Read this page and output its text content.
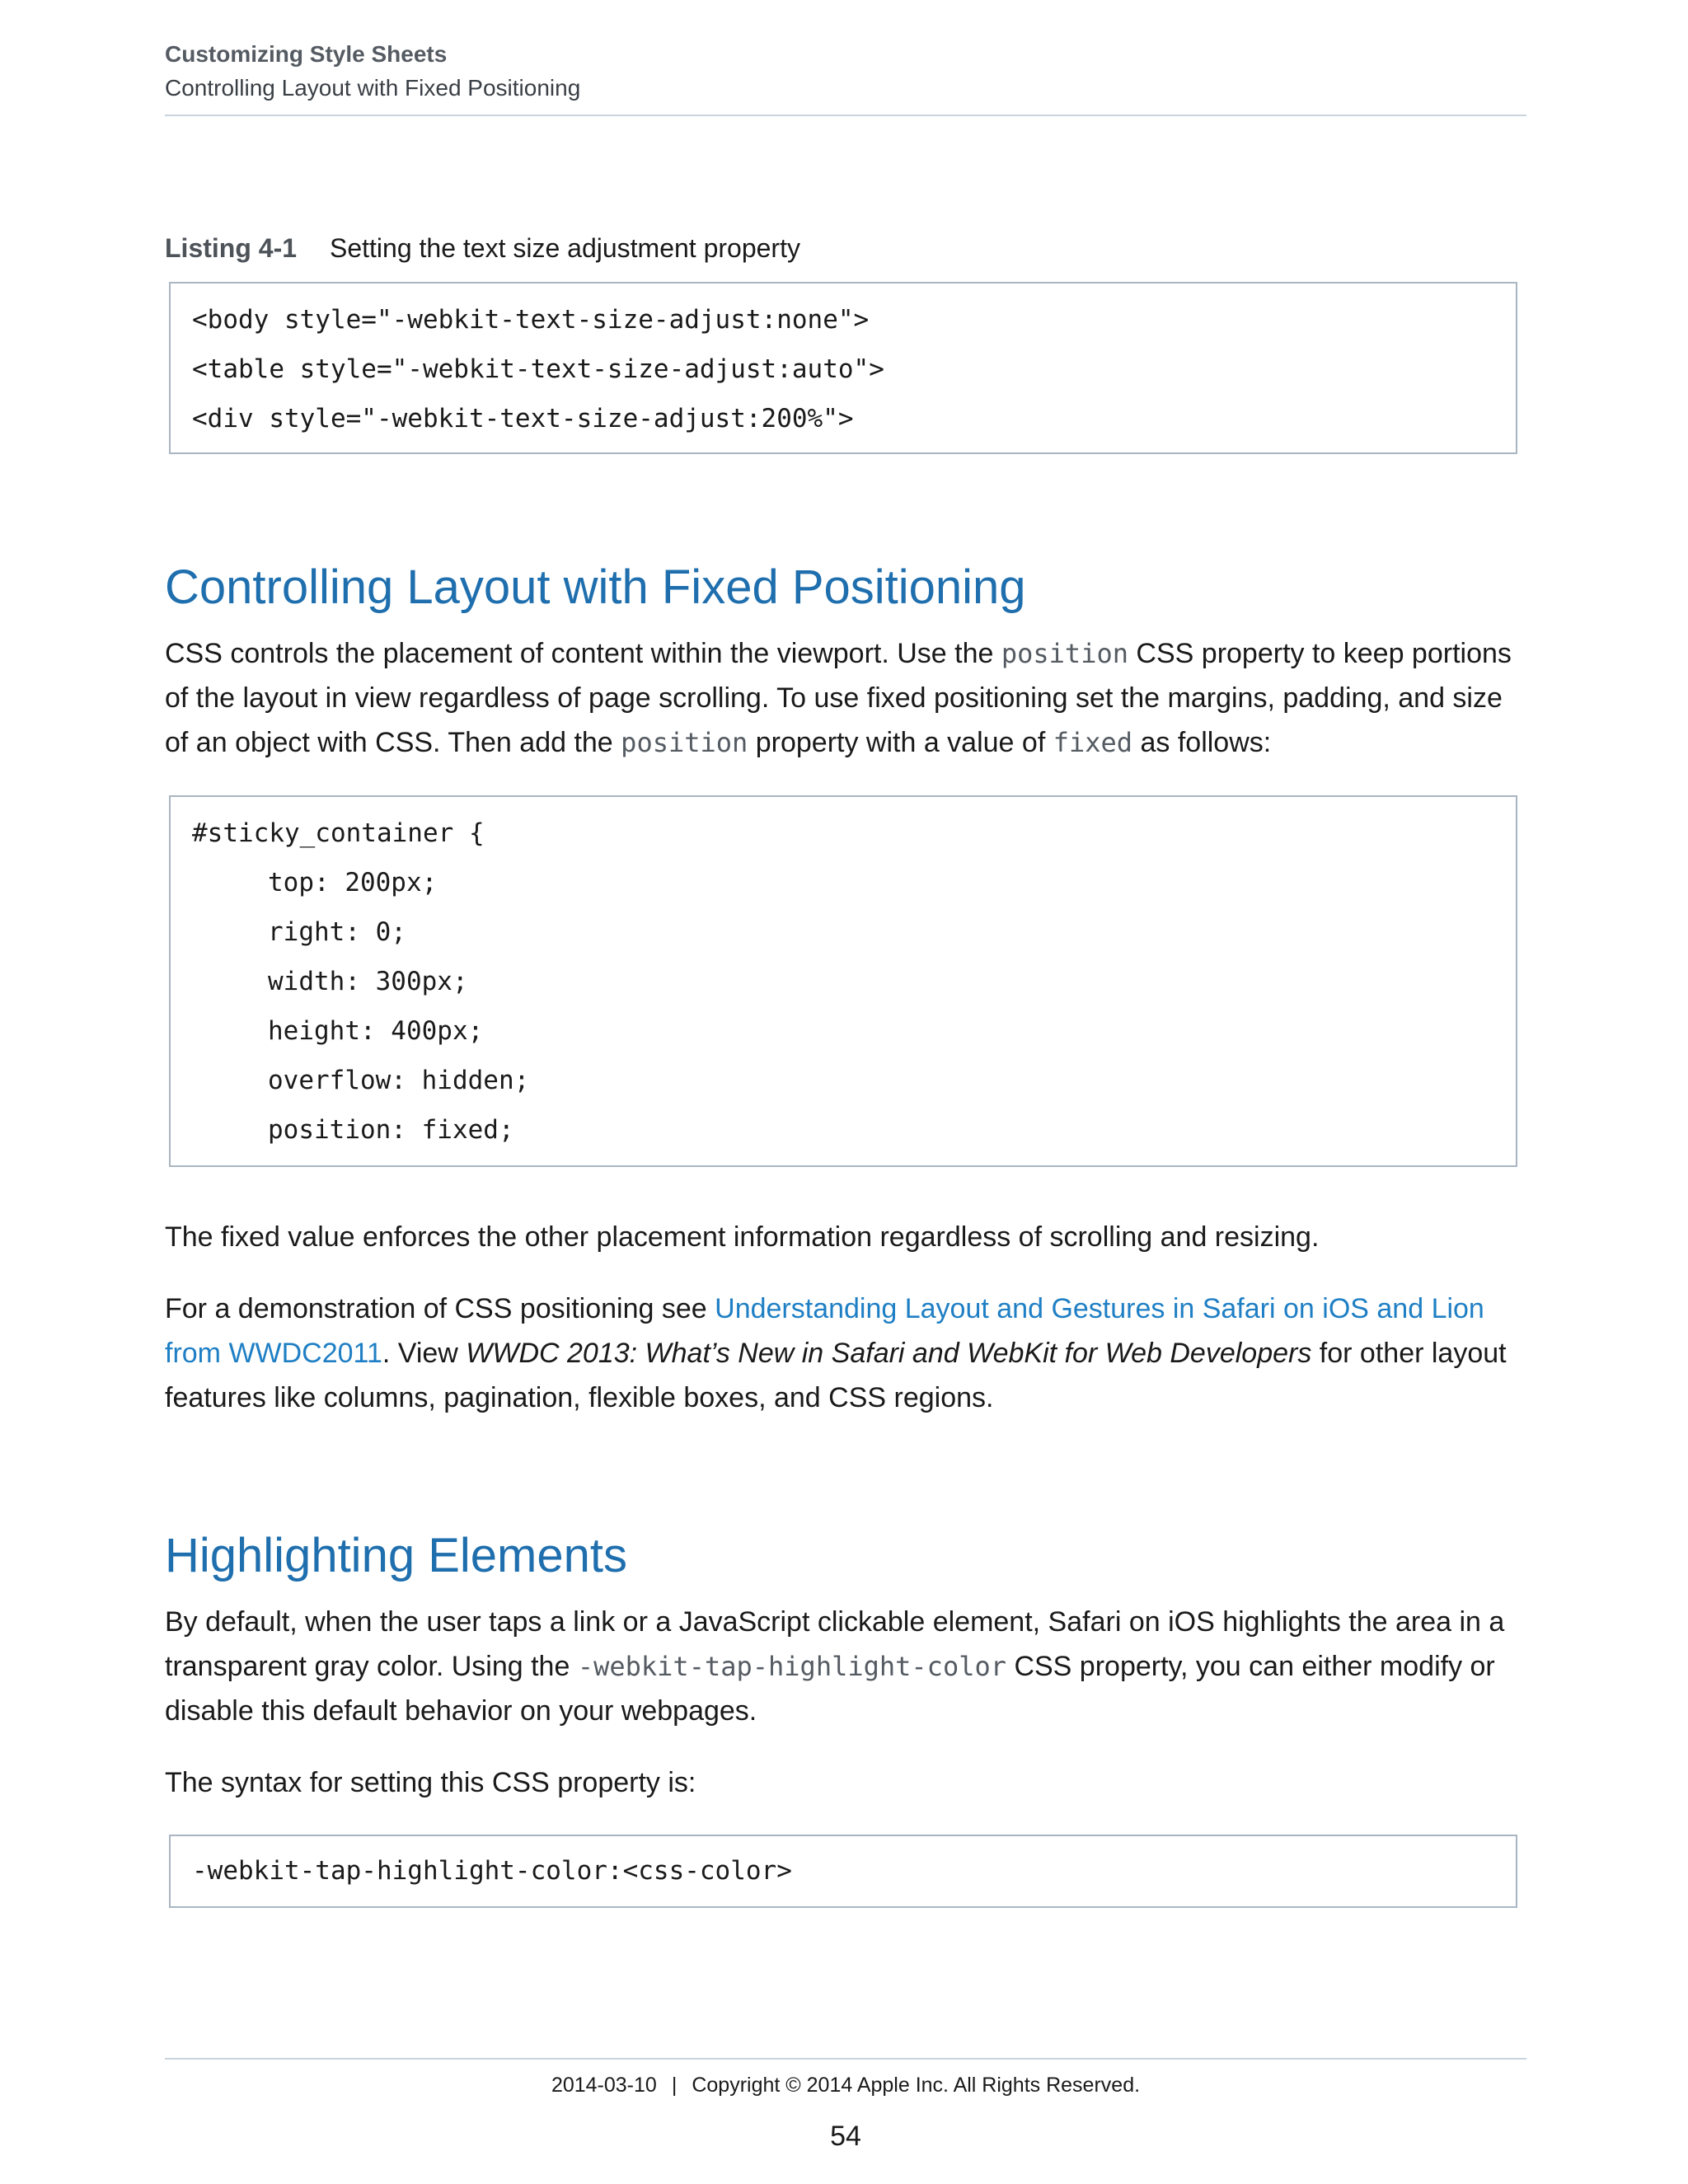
Customizing Style Sheets
Controlling Layout with Fixed Positioning
Listing 4-1 Setting the text size adjustment property
<body style="-webkit-text-size-adjust:none">
<table style="-webkit-text-size-adjust:auto">
<div style="-webkit-text-size-adjust:200%">
Controlling Layout with Fixed Positioning

CSS controls the placement of content within the viewport. Use the position CSS property to keep portions of the layout in view regardless of page scrolling. To use fixed positioning set the margins, padding, and size of an object with CSS. Then add the position property with a value of fixed as follows:

#sticky_container {
top: 200px;
right: 0;
width: 300px;
height: 400px;
overflow: hidden;
position: fixed;

The fixed value enforces the other placement information regardless of scrolling and resizing.

For a demonstration of CSS positioning see Understanding Layout and Gestures in Safari on iOS and Lion from WWDC2011. View WWDC 2013: What’s New in Safari and WebKit for Web Developers for other layout features like columns, pagination, flexible boxes, and CSS regions.

Highlighting Elements

By default, when the user taps a link or a JavaScript clickable element, Safari on iOS highlights the area in a transparent gray color. Using the -webkit-tap-highlight-color CSS property, you can either modify or disable this default behavior on your webpages.

The syntax for setting this CSS property is:

-webkit-tap-highlight-color:<css-color>
2014-03-10 | Copyright © 2014 Apple Inc. All Rights Reserved.
54
